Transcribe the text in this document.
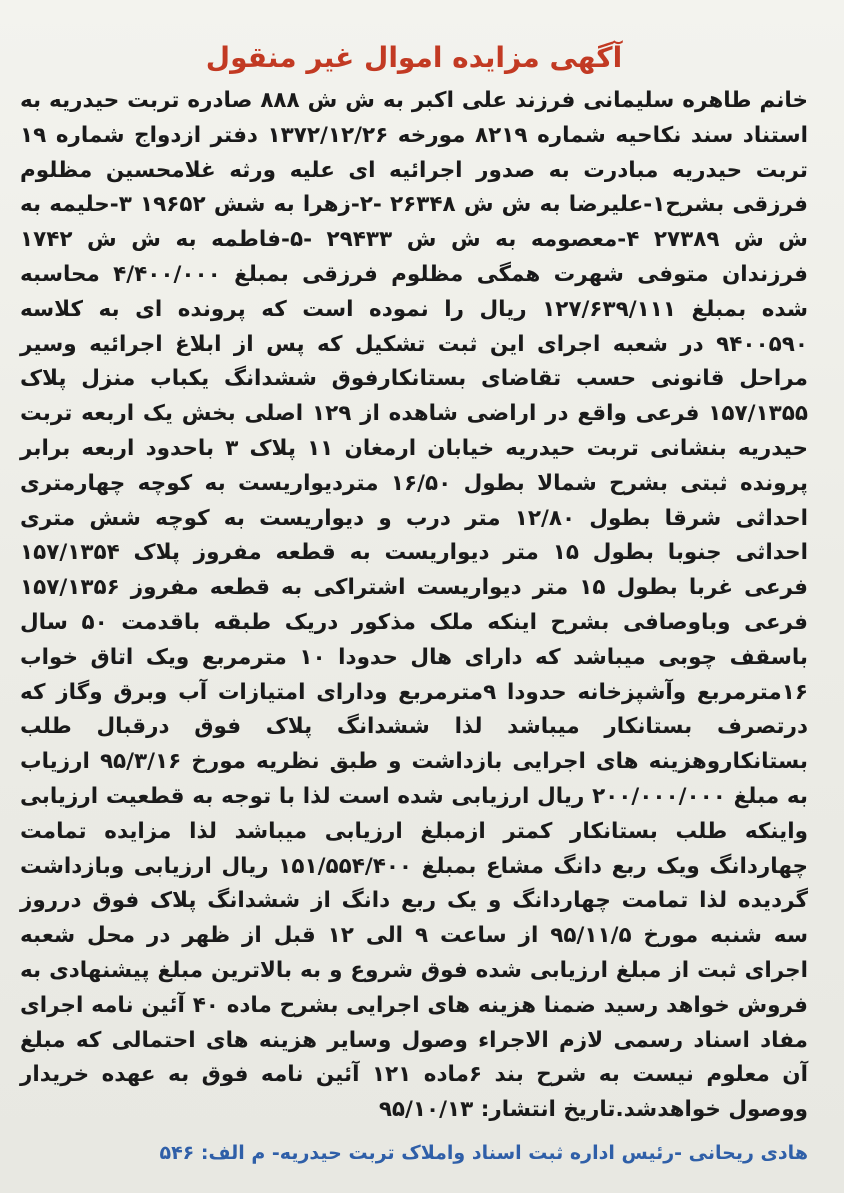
آگهی مزایده اموال غیر منقول

خانم طاهره سلیمانی فرزند علی اکبر به ش ش ۸۸۸ صادره تربت حیدریه به استناد سند نکاحیه شماره ۸۲۱۹ مورخه ۱۳۷۲/۱۲/۲۶ دفتر ازدواج شماره ۱۹ تربت حیدریه مبادرت به صدور اجرائیه ای علیه ورثه غلامحسین مظلوم فرزقی بشرح۱-علیرضا به ش ش ۲۶۳۴۸ -۲-زهرا به شش ۱۹۶۵۲ ۳-حلیمه به ش ش ۲۷۳۸۹ ۴-معصومه به ش ش ۲۹۴۳۳ -۵-فاطمه به ش ش ۱۷۴۲ فرزندان متوفی شهرت همگی مظلوم فرزقی بمبلغ ۴/۴۰۰/۰۰۰ محاسبه شده بمبلغ ۱۲۷/۶۳۹/۱۱۱ ریال را نموده است که پرونده ای به کلاسه ۹۴۰۰۵۹۰ در شعبه اجرای این ثبت تشکیل که پس از ابلاغ اجرائیه وسیر مراحل قانونی حسب تقاضای بستانکارفوق ششدانگ یکباب منزل پلاک ۱۵۷/۱۳۵۵ فرعی واقع در اراضی شاهده از ۱۲۹ اصلی بخش یک اربعه تربت حیدریه بنشانی تربت حیدریه خیابان ارمغان ۱۱ پلاک ۳ باحدود اربعه برابر پرونده ثبتی بشرح شمالا بطول ۱۶/۵۰ متردیواریست به کوچه چهارمتری احداثی شرقا بطول ۱۲/۸۰ متر درب و دیواریست به کوچه شش متری احداثی جنوبا بطول ۱۵ متر دیواریست به قطعه مفروز پلاک ۱۵۷/۱۳۵۴ فرعی غربا بطول ۱۵ متر دیواریست اشتراکی به قطعه مفروز ۱۵۷/۱۳۵۶ فرعی وباوصافی بشرح اینکه ملک مذکور دریک طبقه باقدمت ۵۰ سال باسقف چوبی میباشد که دارای هال حدودا ۱۰ مترمربع ویک اتاق خواب ۱۶مترمربع وآشپزخانه حدودا ۹مترمربع ودارای امتیازات آب وبرق وگاز که درتصرف بستانکار میباشد لذا ششدانگ پلاک فوق درقبال طلب بستانکاروهزینه های اجرایی بازداشت و طبق نظریه مورخ ۹۵/۳/۱۶ ارزیاب به مبلغ ۲۰۰/۰۰۰/۰۰۰ ریال ارزیابی شده است لذا با توجه به قطعیت ارزیابی واینکه طلب بستانکار کمتر ازمبلغ ارزیابی میباشد لذا مزایده تمامت چهاردانگ ویک ربع دانگ مشاع بمبلغ ۱۵۱/۵۵۴/۴۰۰ ریال ارزیابی وبازداشت گردیده لذا تمامت چهاردانگ و یک ربع دانگ از ششدانگ پلاک فوق درروز سه شنبه مورخ ۹۵/۱۱/۵ از ساعت ۹ الی ۱۲ قبل از ظهر در محل شعبه اجرای ثبت از مبلغ ارزیابی شده فوق شروع و به بالاترین مبلغ پیشنهادی به فروش خواهد رسید ضمنا هزینه های اجرایی بشرح ماده ۴۰ آئین نامه اجرای مفاد اسناد رسمی لازم الاجراء وصول وسایر هزینه های احتمالی که مبلغ آن معلوم نیست به شرح بند ۶ماده ۱۲۱ آئین نامه فوق به عهده خریدار ووصول خواهدشد.تاریخ انتشار: ۹۵/۱۰/۱۳

هادی ریحانی -رئیس اداره ثبت اسناد واملاک تربت حیدریه- م الف: ۵۴۶
